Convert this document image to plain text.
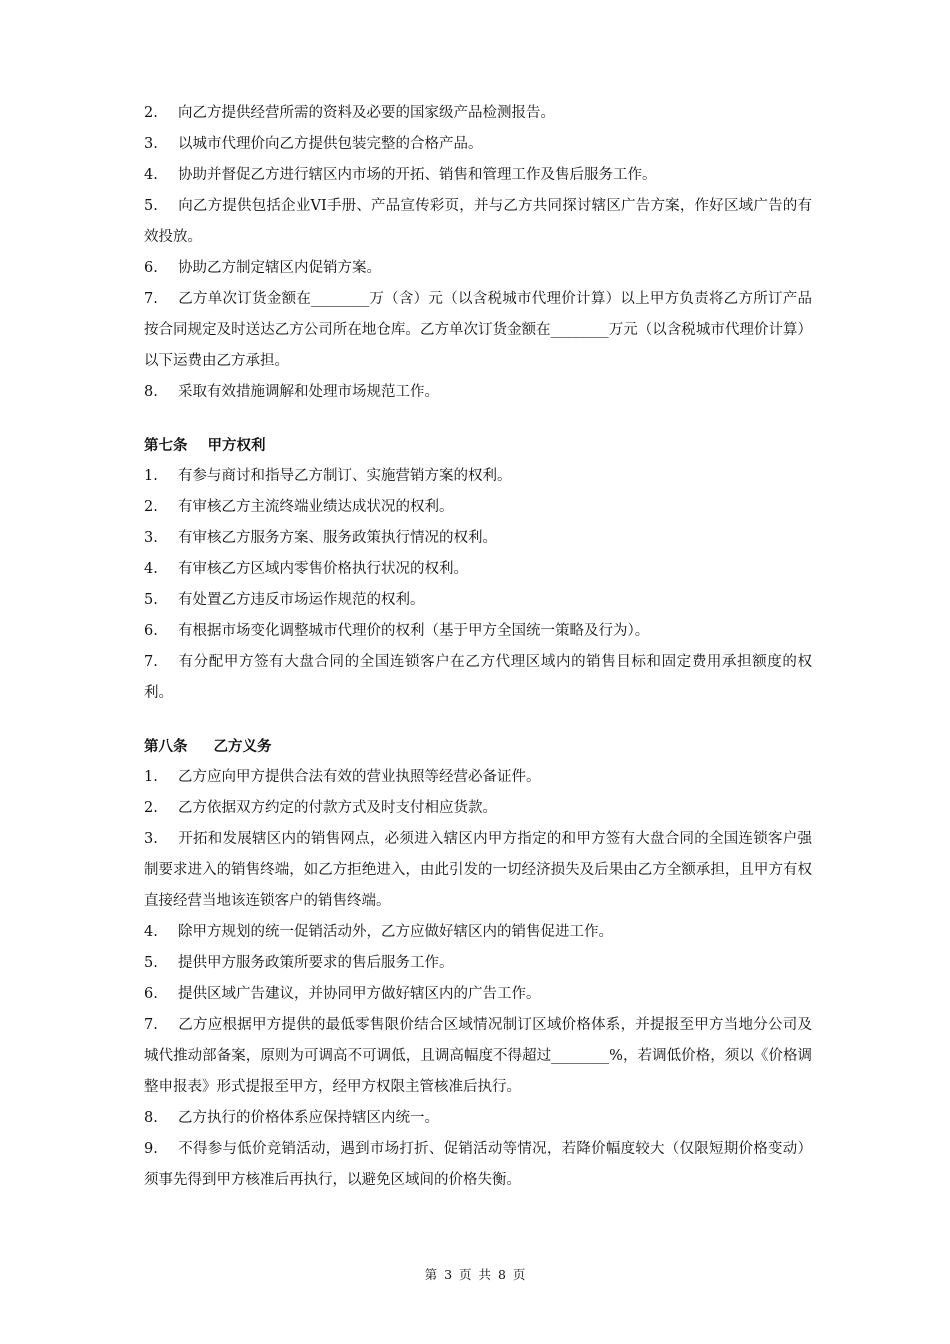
2. 向乙方提供经营所需的资料及必要的国家级产品检测报告。

3. 以城市代理价向乙方提供包装完整的合格产品。

4. 协助并督促乙方进行辖区内市场的开拓、销售和管理工作及售后服务工作。

5. 向乙方提供包括企业VI手册、产品宣传彩页，并与乙方共同探讨辖区广告方案，作好区域广告的有效投放。

6. 协助乙方制定辖区内促销方案。

7. 乙方单次订货金额在________万（含）元（以含税城市代理价计算）以上甲方负责将乙方所订产品按合同规定及时送达乙方公司所在地仓库。乙方单次订货金额在________万元（以含税城市代理价计算）以下运费由乙方承担。

8. 采取有效措施调解和处理市场规范工作。

第七条 甲方权利

1. 有参与商讨和指导乙方制订、实施营销方案的权利。

2. 有审核乙方主流终端业绩达成状况的权利。

3. 有审核乙方服务方案、服务政策执行情况的权利。

4. 有审核乙方区域内零售价格执行状况的权利。

5. 有处置乙方违反市场运作规范的权利。

6. 有根据市场变化调整城市代理价的权利（基于甲方全国统一策略及行为）。

7. 有分配甲方签有大盘合同的全国连锁客户在乙方代理区域内的销售目标和固定费用承担额度的权利。

第八条 乙方义务

1. 乙方应向甲方提供合法有效的营业执照等经营必备证件。

2. 乙方依据双方约定的付款方式及时支付相应货款。

3. 开拓和发展辖区内的销售网点，必须进入辖区内甲方指定的和甲方签有大盘合同的全国连锁客户强制要求进入的销售终端，如乙方拒绝进入，由此引发的一切经济损失及后果由乙方全额承担，且甲方有权直接经营当地该连锁客户的销售终端。

4. 除甲方规划的统一促销活动外，乙方应做好辖区内的销售促进工作。

5. 提供甲方服务政策所要求的售后服务工作。

6. 提供区域广告建议，并协同甲方做好辖区内的广告工作。

7. 乙方应根据甲方提供的最低零售限价结合区域情况制订区域价格体系，并提报至甲方当地分公司及城代推动部备案，原则为可调高不可调低，且调高幅度不得超过________%，若调低价格，须以《价格调整申报表》形式提报至甲方，经甲方权限主管核准后执行。

8. 乙方执行的价格体系应保持辖区内统一。

9. 不得参与低价竞销活动，遇到市场打折、促销活动等情况，若降价幅度较大（仅限短期价格变动）须事先得到甲方核准后再执行，以避免区域间的价格失衡。

第 3 页 共 8 页
